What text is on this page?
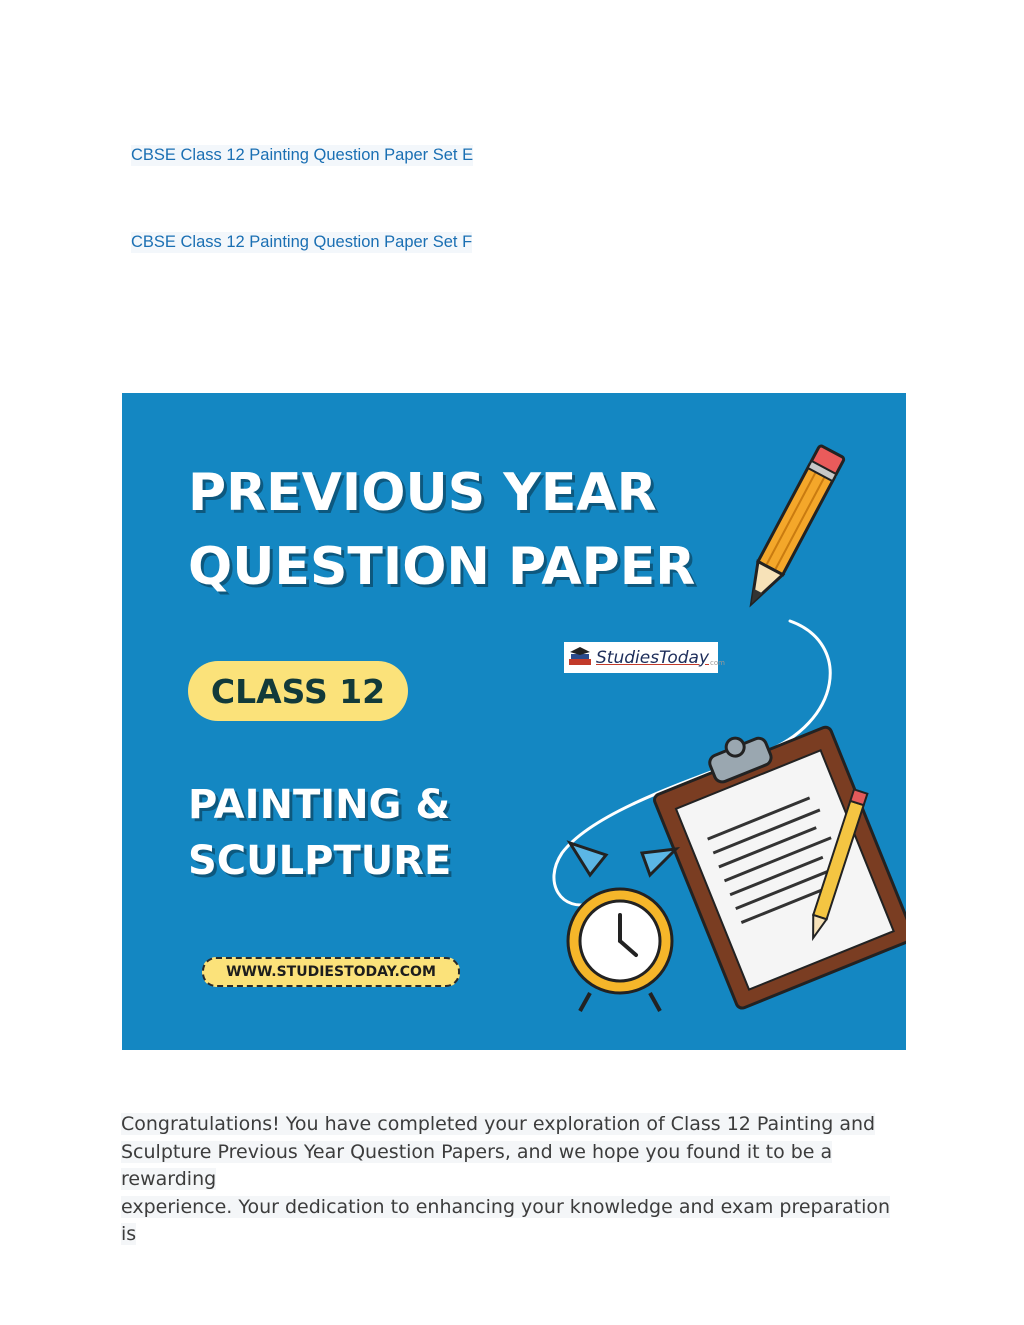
CBSE Class 12 Painting Question Paper Set E
CBSE Class 12 Painting Question Paper Set F
PREVIOUS YEAR
QUESTION PAPER
StudiesToday com
CLASS 12
PAINTING &
SCULPTURE
WWW.STUDIESTODAY.COM
Congratulations! You have completed your exploration of Class 12 Painting and
Sculpture Previous Year Question Papers, and we hope you found it to be a rewarding
experience. Your dedication to enhancing your knowledge and exam preparation is
